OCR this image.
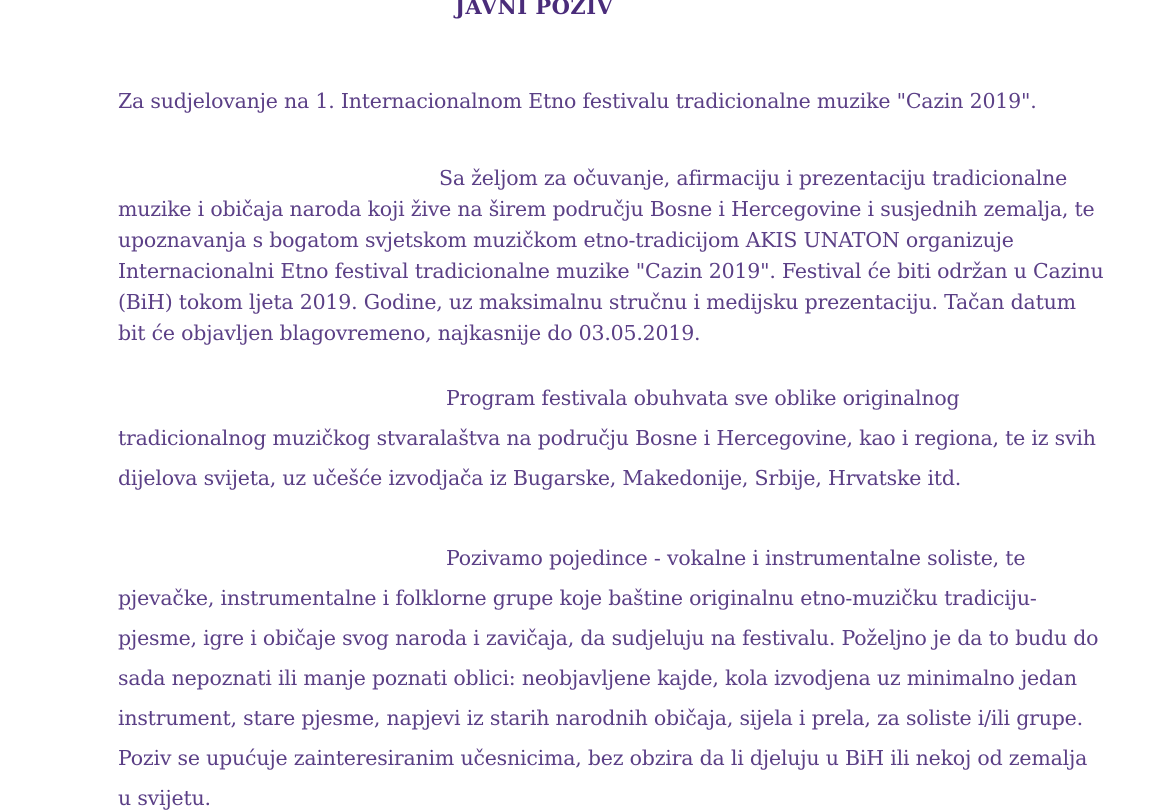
JAVNI POZIV
Za sudjelovanje na 1. Internacionalnom Etno festivalu tradicionalne muzike "Cazin 2019".
Sa željom za očuvanje, afirmaciju i prezentaciju tradicionalne
muzike i običaja naroda koji žive na širem području Bosne i Hercegovine i susjednih zemalja, te
upoznavanja s bogatom svjetskom muzičkom etno-tradicijom AKIS UNATON organizuje
Internacionalni Etno festival tradicionalne muzike "Cazin 2019". Festival će biti održan u Cazinu
(BiH) tokom ljeta 2019. Godine, uz maksimalnu stručnu i medijsku prezentaciju. Tačan datum
bit će objavljen blagovremeno, najkasnije do 03.05.2019.
Program festivala obuhvata sve oblike originalnog
tradicionalnog muzičkog stvaralaštva na području Bosne i Hercegovine, kao i regiona, te iz svih
dijelova svijeta, uz učešće izvodjača iz Bugarske, Makedonije, Srbije, Hrvatske itd.
Pozivamo pojedince - vokalne i instrumentalne soliste, te
pjevačke, instrumentalne i folklorne grupe koje baštine originalnu etno-muzičku tradiciju-
pjesme, igre i običaje svog naroda i zavičaja, da sudjeluju na festivalu. Poželjno je da to budu do
sada nepoznati ili manje poznati oblici: neobjavljene kajde, kola izvodjena uz minimalno jedan
instrument, stare pjesme, napjevi iz starih narodnih običaja, sijela i prela, za soliste i/ili grupe.
Poziv se upućuje zainteresiranim učesnicima, bez obzira da li djeluju u BiH ili nekoj od zemalja
u svijetu.
